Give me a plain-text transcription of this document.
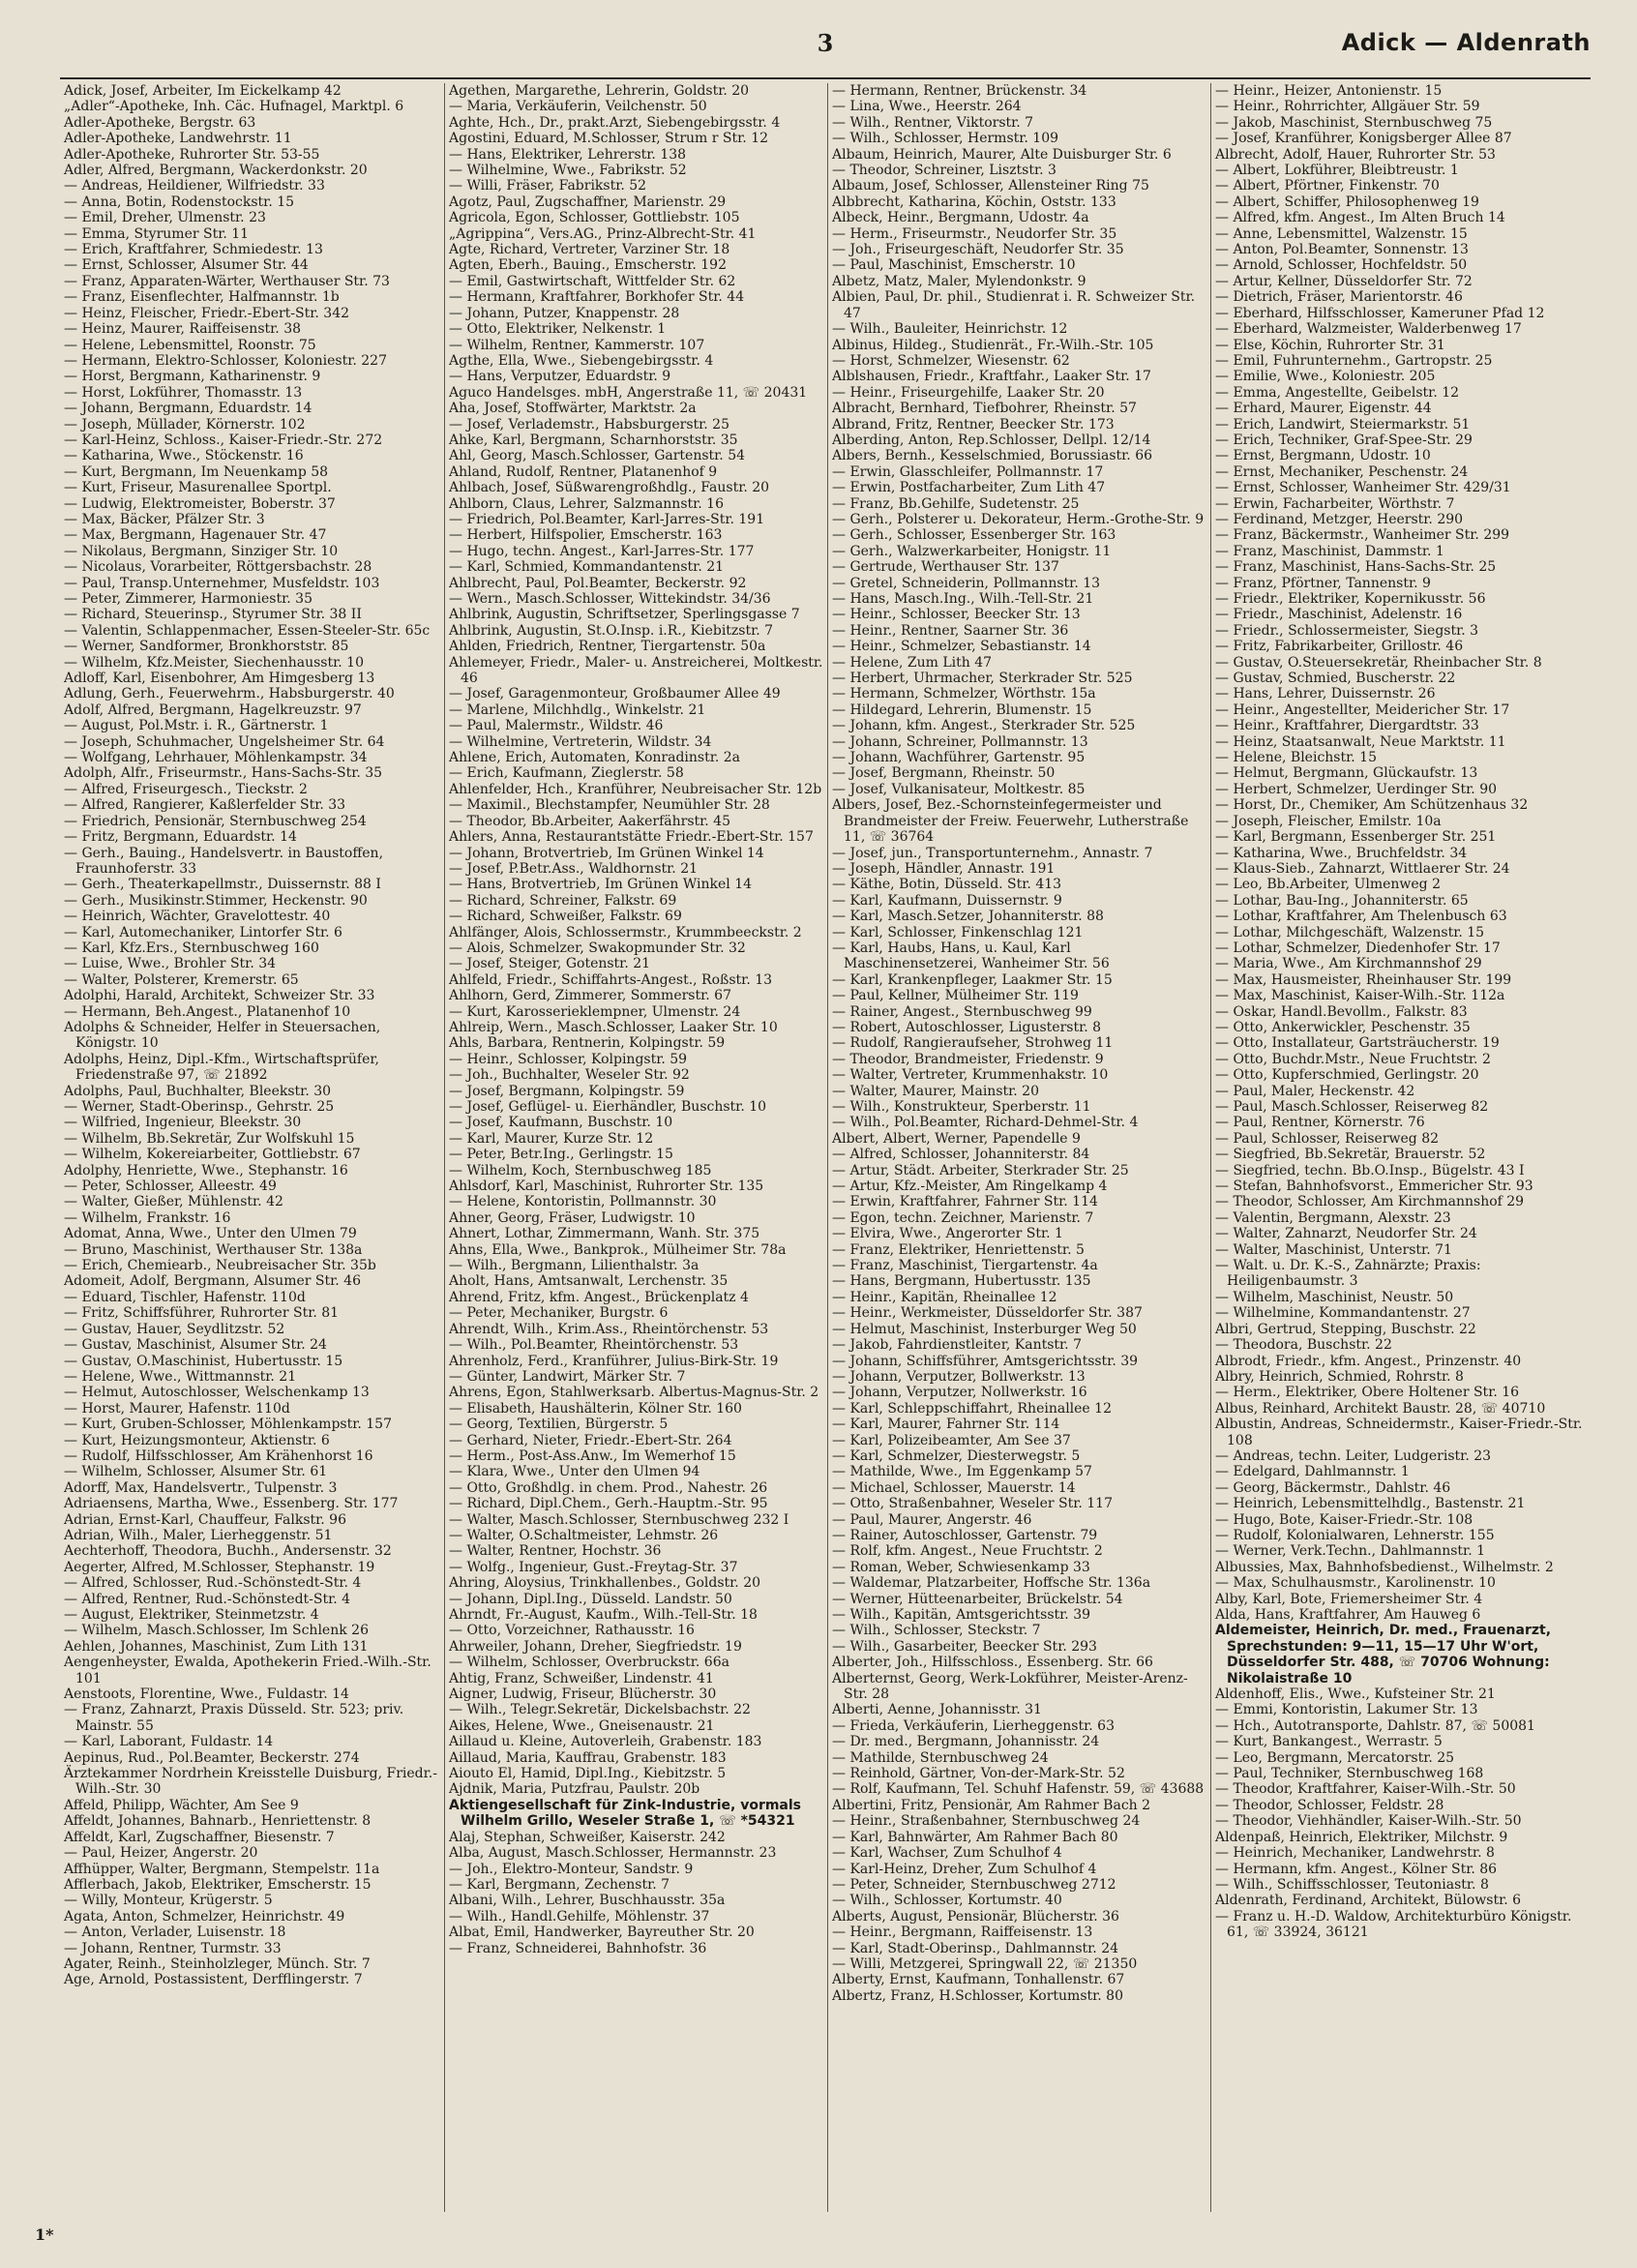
3	Adick — Aldenrath
Adick, Josef, Arbeiter, Im Eickelkamp 42
„Adler“-Apotheke, Inh. Cäc. Hufnagel, Marktpl. 6
Adler-Apotheke, Bergstr. 63
Adler-Apotheke, Landwehrstr. 11
Adler-Apotheke, Ruhrorter Str. 53-55
Adler, Alfred, Bergmann, Wackerdonkstr. 20
— Andreas, Heildiener, Wilfriedstr. 33
— Anna, Botin, Rodenstockstr. 15
— Emil, Dreher, Ulmenstr. 23
— Emma, Styrumer Str. 11
— Erich, Kraftfahrer, Schmiedestr. 13
— Ernst, Schlosser, Alsumer Str. 44
— Franz, Apparaten-Wärter, Werthauser Str. 73
— Franz, Eisenflechter, Halfmannstr. 1b
— Heinz, Fleischer, Friedr.-Ebert-Str. 342
— Heinz, Maurer, Raiffeisenstr. 38
— Helene, Lebensmittel, Roonstr. 75
— Hermann, Elektro-Schlosser, Koloniestr. 227
— Horst, Bergmann, Katharinenstr. 9
— Horst, Lokführer, Thomasstr. 13
— Johann, Bergmann, Eduardstr. 14
— Joseph, Müllader, Körnerstr. 102
— Karl-Heinz, Schloss., Kaiser-Friedr.-Str. 272
— Katharina, Wwe., Stöckenstr. 16
— Kurt, Bergmann, Im Neuenkamp 58
— Kurt, Friseur, Masurenallee Sportpl.
— Ludwig, Elektromeister, Boberstr. 37
— Max, Bäcker, Pfälzer Str. 3
— Max, Bergmann, Hagenauer Str. 47
— Nikolaus, Bergmann, Sinziger Str. 10
— Nicolaus, Vorarbeiter, Röttgersbachstr. 28
— Paul, Transp.Unternehmer, Musfeldstr. 103
— Peter, Zimmerer, Harmoniestr. 35
— Richard, Steuerinsp., Styrumer Str. 38 II
— Valentin, Schlappenmacher, Essen-Steeler-Str. 65c
— Werner, Sandformer, Bronkhorststr. 85
— Wilhelm, Kfz.Meister, Siechenhausstr. 10
Adloff, Karl, Eisenbohrer, Am Himgesberg 13
Adlung, Gerh., Feuerwehrm., Habsburgerstr. 40
Adolf, Alfred, Bergmann, Hagelkreuzstr. 97
— August, Pol.Mstr. i. R., Gärtnerstr. 1
— Joseph, Schuhmacher, Ungelsheimer Str. 64
— Wolfgang, Lehrhauer, Möhlenkampstr. 34
Adolph, Alfr., Friseurmstr., Hans-Sachs-Str. 35
— Alfred, Friseurgesch., Tieckstr. 2
— Alfred, Rangierer, Kaßlerfelder Str. 33
— Friedrich, Pensionär, Sternbuschweg 254
— Fritz, Bergmann, Eduardstr. 14
— Gerh., Bauing., Handelsvertr. in Baustoffen, Fraunhoferstr. 33
— Gerh., Theaterkapellmstr., Duissernstr. 88 I
— Gerh., Musikinstr.Stimmer, Heckenstr. 90
— Heinrich, Wächter, Gravelottestr. 40
— Karl, Automechaniker, Lintorfer Str. 6
— Karl, Kfz.Ers., Sternbuschweg 160
— Luise, Wwe., Brohler Str. 34
— Walter, Polsterer, Kremerstr. 65
Adolphi, Harald, Architekt, Schweizer Str. 33
— Hermann, Beh.Angest., Platanenhof 10
Adolphs & Schneider, Helfer in Steuersachen, Königstr. 10
Adolphs, Heinz, Dipl.-Kfm., Wirtschaftsprüfer, Friedenstraße 97, ☏ 21892
Adolphs, Paul, Buchhalter, Bleekstr. 30
— Werner, Stadt-Oberinsp., Gehrstr. 25
— Wilfried, Ingenieur, Bleekstr. 30
— Wilhelm, Bb.Sekretär, Zur Wolfskuhl 15
— Wilhelm, Kokereiarbeiter, Gottliebstr. 67
Adolphy, Henriette, Wwe., Stephanstr. 16
— Peter, Schlosser, Alleestr. 49
— Walter, Gießer, Mühlenstr. 42
— Wilhelm, Frankstr. 16
Adomat, Anna, Wwe., Unter den Ulmen 79
— Bruno, Maschinist, Werthauser Str. 138a
— Erich, Chemiearb., Neubreisacher Str. 35b
Adomeit, Adolf, Bergmann, Alsumer Str. 46
— Eduard, Tischler, Hafenstr. 110d
— Fritz, Schiffsführer, Ruhrorter Str. 81
— Gustav, Hauer, Seydlitzstr. 52
— Gustav, Maschinist, Alsumer Str. 24
— Gustav, O.Maschinist, Hubertusstr. 15
— Helene, Wwe., Wittmannstr. 21
— Helmut, Autoschlosser, Welschenkamp 13
— Horst, Maurer, Hafenstr. 110d
— Kurt, Gruben-Schlosser, Möhlenkampstr. 157
— Kurt, Heizungsmonteur, Aktienstr. 6
— Rudolf, Hilfsschlosser, Am Krähenhorst 16
— Wilhelm, Schlosser, Alsumer Str. 61
Adorff, Max, Handelsvertr., Tulpenstr. 3
Adriaensens, Martha, Wwe., Essenberg. Str. 177
Adrian, Ernst-Karl, Chauffeur, Falkstr. 96
Adrian, Wilh., Maler, Lierheggenstr. 51
Aechterhoff, Theodora, Buchh., Andersenstr. 32
Aegerter, Alfred, M.Schlosser, Stephanstr. 19
— Alfred, Schlosser, Rud.-Schönstedt-Str. 4
— Alfred, Rentner, Rud.-Schönstedt-Str. 4
— August, Elektriker, Steinmetzstr. 4
— Wilhelm, Masch.Schlosser, Im Schlenk 26
Aehlen, Johannes, Maschinist, Zum Lith 131
Aengenheyster, Ewalda, Apothekerin Fried.-Wilh.-Str. 101
Aenstoots, Florentine, Wwe., Fuldastr. 14
— Franz, Zahnarzt, Praxis Düsseld. Str. 523; priv. Mainstr. 55
— Karl, Laborant, Fuldastr. 14
Aepinus, Rud., Pol.Beamter, Beckerstr. 274
Ärztekammer Nordrhein Kreisstelle Duisburg, Friedr.-Wilh.-Str. 30
Affeld, Philipp, Wächter, Am See 9
Affeldt, Johannes, Bahnarb., Henriettenstr. 8
Affeldt, Karl, Zugschaffner, Biesenstr. 7
— Paul, Heizer, Angerstr. 20
Affhüpper, Walter, Bergmann, Stempelstr. 11a
Afflerbach, Jakob, Elektriker, Emscherstr. 15
— Willy, Monteur, Krügerstr. 5
Agata, Anton, Schmelzer, Heinrichstr. 49
— Anton, Verlader, Luisenstr. 18
— Johann, Rentner, Turmstr. 33
Agater, Reinh., Steinholzleger, Münch. Str. 7
Age, Arnold, Postassistent, Derfflingerstr. 7
Agethen, Margarethe, Lehrerin, Goldstr. 20
— Maria, Verkäuferin, Veilchenstr. 50
Aghte, Hch., Dr., prakt.Arzt, Siebengebirgsstr. 4
Agostini, Eduard, M.Schlosser, Strum r Str. 12
— Hans, Elektriker, Lehrerstr. 138
— Wilhelmine, Wwe., Fabrikstr. 52
— Willi, Fräser, Fabrikstr. 52
Agotz, Paul, Zugschaffner, Marienstr. 29
Agricola, Egon, Schlosser, Gottliebstr. 105
„Agrippina“, Vers.AG., Prinz-Albrecht-Str. 41
Agte, Richard, Vertreter, Varziner Str. 18
Agten, Eberh., Bauing., Emscherstr. 192
— Emil, Gastwirtschaft, Wittfelder Str. 62
— Hermann, Kraftfahrer, Borkhofer Str. 44
— Johann, Putzer, Knappenstr. 28
— Otto, Elektriker, Nelkenstr. 1
— Wilhelm, Rentner, Kammerstr. 107
Agthe, Ella, Wwe., Siebengebirgsstr. 4
— Hans, Verputzer, Eduardstr. 9
Aguco Handelsges. mbH, Angerstraße 11, ☏ 20431
Aha, Josef, Stoffwärter, Marktstr. 2a
— Josef, Verlademstr., Habsburgerstr. 25
Ahke, Karl, Bergmann, Scharnhorststr. 35
Ahl, Georg, Masch.Schlosser, Gartenstr. 54
Ahland, Rudolf, Rentner, Platanenhof 9
Ahlbach, Josef, Süßwarengroßhdlg., Faustr. 20
Ahlborn, Claus, Lehrer, Salzmannstr. 16
— Friedrich, Pol.Beamter, Karl-Jarres-Str. 191
— Herbert, Hilfspolier, Emscherstr. 163
— Hugo, techn. Angest., Karl-Jarres-Str. 177
— Karl, Schmied, Kommandantenstr. 21
Ahlbrecht, Paul, Pol.Beamter, Beckerstr. 92
— Wern., Masch.Schlosser, Wittekindstr. 34/36
Ahlbrink, Augustin, Schriftsetzer, Sperlingsgasse 7
Ahlbrink, Augustin, St.O.Insp. i.R., Kiebitzstr. 7
Ahlden, Friedrich, Rentner, Tiergartenstr. 50a
Ahlemeyer, Friedr., Maler- u. Anstreicherei, Moltkestr. 46
— Josef, Garagenmonteur, Großbaumer Allee 49
— Marlene, Milchhdlg., Winkelstr. 21
— Paul, Malermstr., Wildstr. 46
— Wilhelmine, Vertreterin, Wildstr. 34
Ahlene, Erich, Automaten, Konradinstr. 2a
— Erich, Kaufmann, Zieglerstr. 58
Ahlenfelder, Hch., Kranführer, Neubreisacher Str. 12b
— Maximil., Blechstampfer, Neumühler Str. 28
— Theodor, Bb.Arbeiter, Aakerfährstr. 45
Ahlers, Anna, Restaurantstätte Friedr.-Ebert-Str. 157
— Johann, Brotvertrieb, Im Grünen Winkel 14
— Josef, P.Betr.Ass., Waldhornstr. 21
— Hans, Brotvertrieb, Im Grünen Winkel 14
— Richard, Schreiner, Falkstr. 69
— Richard, Schweißer, Falkstr. 69
Ahlfänger, Alois, Schlossermstr., Krummbeeckstr. 2
— Alois, Schmelzer, Swakopmunder Str. 32
— Josef, Steiger, Gotenstr. 21
Ahlfeld, Friedr., Schiffahrts-Angest., Roßstr. 13
Ahlhorn, Gerd, Zimmerer, Sommerstr. 67
— Kurt, Karosseriеklempner, Ulmenstr. 24
Ahlreip, Wern., Masch.Schlosser, Laaker Str. 10
Ahls, Barbara, Rentnerin, Kolpingstr. 59
— Heinr., Schlosser, Kolpingstr. 59
— Joh., Buchhalter, Weseler Str. 92
— Josef, Bergmann, Kolpingstr. 59
— Josef, Geflügel- u. Eierhändler, Buschstr. 10
— Josef, Kaufmann, Buschstr. 10
— Karl, Maurer, Kurze Str. 12
— Peter, Betr.Ing., Gerlingstr. 15
— Wilhelm, Koch, Sternbuschweg 185
Ahlsdorf, Karl, Maschinist, Ruhrorter Str. 135
— Helene, Kontoristin, Pollmannstr. 30
Ahner, Georg, Fräser, Ludwigstr. 10
Ahnert, Lothar, Zimmermann, Wanh. Str. 375
Ahns, Ella, Wwe., Bankprok., Mülheimer Str. 78a
— Wilh., Bergmann, Lilienthalstr. 3a
Aholt, Hans, Amtsanwalt, Lerchenstr. 35
Ahrend, Fritz, kfm. Angest., Brückenplatz 4
— Peter, Mechaniker, Burgstr. 6
Ahrendt, Wilh., Krim.Ass., Rheintörchenstr. 53
— Wilh., Pol.Beamter, Rheintörchenstr. 53
Ahrenholz, Ferd., Kranführer, Julius-Birk-Str. 19
— Günter, Landwirt, Märker Str. 7
Ahrens, Egon, Stahlwerksarb. Albertus-Magnus-Str. 2
— Elisabeth, Haushälterin, Kölner Str. 160
— Georg, Textilien, Bürgerstr. 5
— Gerhard, Nieter, Friedr.-Ebert-Str. 264
— Herm., Post-Ass.Anw., Im Wemerhof 15
— Klara, Wwe., Unter den Ulmen 94
— Otto, Großhdlg. in chem. Prod., Nahestr. 26
— Richard, Dipl.Chem., Gerh.-Hauptm.-Str. 95
— Walter, Masch.Schlosser, Sternbuschweg 232 I
— Walter, O.Schaltmeister, Lehmstr. 26
— Walter, Rentner, Hochstr. 36
— Wolfg., Ingenieur, Gust.-Freytag-Str. 37
Ahring, Aloysius, Trinkhallenbes., Goldstr. 20
— Johann, Dipl.Ing., Düsseld. Landstr. 50
Ahrndt, Fr.-August, Kaufm., Wilh.-Tell-Str. 18
— Otto, Vorzeichner, Rathausstr. 16
Ahrweiler, Johann, Dreher, Siegfriedstr. 19
— Wilhelm, Schlosser, Overbruckstr. 66a
Ahtig, Franz, Schweißer, Lindenstr. 41
Aigner, Ludwig, Friseur, Blücherstr. 30
— Wilh., Telegr.Sekretär, Dickelsbachstr. 22
Aikes, Helene, Wwe., Gneisenaustr. 21
Aillaud u. Kleine, Autoverleih, Grabenstr. 183
Aillaud, Maria, Kauffrau, Grabenstr. 183
Aiouto El, Hamid, Dipl.Ing., Kiebitzstr. 5
Ajdnik, Maria, Putzfrau, Paulstr. 20b
Aktiengesellschaft für Zink-Industrie, vormals Wilhelm Grillo, Weseler Straße 1, ☏ *54321
Alaj, Stephan, Schweißer, Kaiserstr. 242
Alba, August, Masch.Schlosser, Hermannstr. 23
— Joh., Elektro-Monteur, Sandstr. 9
— Karl, Bergmann, Zechenstr. 7
Albani, Wilh., Lehrer, Buschhausstr. 35a
— Wilh., Handl.Gehilfe, Möhlenstr. 37
Albat, Emil, Handwerker, Bayreuther Str. 20
— Franz, Schneiderei, Bahnhofstr. 36
— Hermann, Rentner, Brückenstr. 34
— Lina, Wwe., Heerstr. 264
— Wilh., Rentner, Viktorstr. 7
— Wilh., Schlosser, Hermstr. 109
Albaum, Heinrich, Maurer, Alte Duisburger Str. 6
— Theodor, Schreiner, Lisztstr. 3
Albaum, Josef, Schlosser, Allensteiner Ring 75
Albbrecht, Katharina, Köchin, Oststr. 133
Albeck, Heinr., Bergmann, Udostr. 4a
— Herm., Friseurmstr., Neudorfer Str. 35
— Joh., Friseurgeschäft, Neudorfer Str. 35
— Paul, Maschinist, Emscherstr. 10
Albetz, Matz, Maler, Mylendonkstr. 9
Albien, Paul, Dr. phil., Studienrat i. R. Schweizer Str. 47
— Wilh., Bauleiter, Heinrichstr. 12
Albinus, Hildeg., Studienrät., Fr.-Wilh.-Str. 105
— Horst, Schmelzer, Wiesenstr. 62
Alblshausen, Friedr., Kraftfahr., Laaker Str. 17
— Heinr., Friseurgehilfe, Laaker Str. 20
Albracht, Bernhard, Tiefbohrer, Rheinstr. 57
Albrand, Fritz, Rentner, Beecker Str. 173
Alberding, Anton, Rep.Schlosser, Dellpl. 12/14
Albers, Bernh., Kesselschmied, Borussiastr. 66
— Erwin, Glasschleifer, Pollmannstr. 17
— Erwin, Postfacharbeiter, Zum Lith 47
— Franz, Bb.Gehilfe, Sudetenstr. 25
— Gerh., Polsterer u. Dekorateur, Herm.-Grothe-Str. 9
— Gerh., Schlosser, Essenberger Str. 163
— Gerh., Walzwerkarbeiter, Honigstr. 11
— Gertrude, Werthauser Str. 137
— Gretel, Schneiderin, Pollmannstr. 13
— Hans, Masch.Ing., Wilh.-Tell-Str. 21
— Heinr., Schlosser, Beecker Str. 13
— Heinr., Rentner, Saarner Str. 36
— Heinr., Schmelzer, Sebastianstr. 14
— Helene, Zum Lith 47
— Herbert, Uhrmacher, Sterkrader Str. 525
— Hermann, Schmelzer, Wörthstr. 15a
— Hildegard, Lehrerin, Blumenstr. 15
— Johann, kfm. Angest., Sterkrader Str. 525
— Johann, Schreiner, Pollmannstr. 13
— Johann, Wachführer, Gartenstr. 95
— Josef, Bergmann, Rheinstr. 50
— Josef, Vulkanisateur, Moltkestr. 85
Albers, Josef, Bez.-Schornsteinfegermeister und Brandmeister der Freiw. Feuerwehr, Lutherstraße 11, ☏ 36764
— Josef, jun., Transportunternehm., Annastr. 7
— Joseph, Händler, Annastr. 191
— Käthe, Botin, Düsseld. Str. 413
— Karl, Kaufmann, Duissernstr. 9
— Karl, Masch.Setzer, Johanniterstr. 88
— Karl, Schlosser, Finkenschlag 121
— Karl, Haubs, Hans, u. Kaul, Karl Maschinensetzerei, Wanheimer Str. 56
— Karl, Krankenpfleger, Laakmer Str. 15
— Paul, Kellner, Mülheimer Str. 119
— Rainer, Angest., Sternbuschweg 99
— Robert, Autoschlosser, Ligusterstr. 8
— Rudolf, Rangieraufseher, Strohweg 11
— Theodor, Brandmeister, Friedenstr. 9
— Walter, Vertreter, Krummenhakstr. 10
— Walter, Maurer, Mainstr. 20
— Wilh., Konstrukteur, Sperberstr. 11
— Wilh., Pol.Beamter, Richard-Dehmel-Str. 4
Albert, Albert, Werner, Papendelle 9
— Alfred, Schlosser, Johanniterstr. 84
— Artur, Städt. Arbeiter, Sterkrader Str. 25
— Artur, Kfz.-Meister, Am Ringelkamp 4
— Erwin, Kraftfahrer, Fahrner Str. 114
— Egon, techn. Zeichner, Marienstr. 7
— Elvira, Wwe., Angerorter Str. 1
— Franz, Elektriker, Henriettenstr. 5
— Franz, Maschinist, Tiergartenstr. 4a
— Hans, Bergmann, Hubertusstr. 135
— Heinr., Kapitän, Rheinallee 12
— Heinr., Werkmeister, Düsseldorfer Str. 387
— Helmut, Maschinist, Insterburger Weg 50
— Jakob, Fahrdienstleiter, Kantstr. 7
— Johann, Schiffsführer, Amtsgerichtsstr. 39
— Johann, Verputzer, Bollwerkstr. 13
— Johann, Verputzer, Nollwerkstr. 16
— Karl, Schleppschiffahrt, Rheinallee 12
— Karl, Maurer, Fahrner Str. 114
— Karl, Polizeibeamter, Am See 37
— Karl, Schmelzer, Diesterwegstr. 5
— Mathilde, Wwe., Im Eggenkamp 57
— Michael, Schlosser, Mauerstr. 14
— Otto, Straßenbahner, Weseler Str. 117
— Paul, Maurer, Angerstr. 46
— Rainer, Autoschlosser, Gartenstr. 79
— Rolf, kfm. Angest., Neue Fruchtstr. 2
— Roman, Weber, Schwiesenkamp 33
— Waldemar, Platzarbeiter, Hoffsche Str. 136a
— Werner, Hütteenarbeiter, Brückelstr. 54
— Wilh., Kapitän, Amtsgerichtsstr. 39
— Wilh., Schlosser, Steckstr. 7
— Wilh., Gasarbeiter, Beecker Str. 293
Alberter, Joh., Hilfsschloss., Essenberg. Str. 66
Alberternst, Georg, Werk-Lokführer, Meister-Arenz-Str. 28
Alberti, Aenne, Johannisstr. 31
— Frieda, Verkäuferin, Lierheggenstr. 63
— Dr. med., Bergmann, Johannisstr. 24
— Mathilde, Sternbuschweg 24
— Reinhold, Gärtner, Von-der-Mark-Str. 52
— Rolf, Kaufmann, Tel. Schuhf Hafenstr. 59, ☏ 43688
Albertini, Fritz, Pensionär, Am Rahmer Bach 2
— Heinr., Straßenbahner, Sternbuschweg 24
— Karl, Bahnwärter, Am Rahmer Bach 80
— Karl, Wachser, Zum Schulhof 4
— Karl-Heinz, Dreher, Zum Schulhof 4
— Peter, Schneider, Sternbuschweg 2712
— Wilh., Schlosser, Kortumstr. 40
Alberts, August, Pensionär, Blücherstr. 36
— Heinr., Bergmann, Raiffeisenstr. 13
— Karl, Stadt-Oberinsp., Dahlmannstr. 24
— Willi, Metzgerei, Springwall 22, ☏ 21350
Alberty, Ernst, Kaufmann, Tonhallenstr. 67
Albertz, Franz, H.Schlosser, Kortumstr. 80
— Heinr., Heizer, Antonienstr. 15
— Heinr., Rohrrichter, Allgäuer Str. 59
— Jakob, Maschinist, Sternbuschweg 75
— Josef, Kranführer, Konigsberger Allee 87
Albrecht, Adolf, Hauer, Ruhrorter Str. 53
— Albert, Lokführer, Bleibtreustr. 1
— Albert, Pförtner, Finkenstr. 70
— Albert, Schiffer, Philosophenweg 19
— Alfred, kfm. Angest., Im Alten Bruch 14
— Anne, Lebensmittel, Walzenstr. 15
— Anton, Pol.Beamter, Sonnenstr. 13
— Arnold, Schlosser, Hochfeldstr. 50
— Artur, Kellner, Düsseldorfer Str. 72
— Dietrich, Fräser, Marientorstr. 46
— Eberhard, Hilfsschlosser, Kameruner Pfad 12
— Eberhard, Walzmeister, Walderbenweg 17
— Else, Köchin, Ruhrorter Str. 31
— Emil, Fuhrunternehm., Gartropstr. 25
— Emilie, Wwe., Koloniestr. 205
— Emma, Angestellte, Geibelstr. 12
— Erhard, Maurer, Eigenstr. 44
— Erich, Landwirt, Steiermarkstr. 51
— Erich, Techniker, Graf-Spee-Str. 29
— Ernst, Bergmann, Udostr. 10
— Ernst, Mechaniker, Peschenstr. 24
— Ernst, Schlosser, Wanheimer Str. 429/31
— Erwin, Facharbeiter, Wörthstr. 7
— Ferdinand, Metzger, Heerstr. 290
— Franz, Bäckermstr., Wanheimer Str. 299
— Franz, Maschinist, Dammstr. 1
— Franz, Maschinist, Hans-Sachs-Str. 25
— Franz, Pförtner, Tannenstr. 9
— Friedr., Elektriker, Kopernikusstr. 56
— Friedr., Maschinist, Adelenstr. 16
— Friedr., Schlossermeister, Siegstr. 3
— Fritz, Fabrikarbeiter, Grillostr. 46
— Gustav, O.Steuersekretär, Rheinbacher Str. 8
— Gustav, Schmied, Buscherstr. 22
— Hans, Lehrer, Duissernstr. 26
— Heinr., Angestellter, Meidericher Str. 17
— Heinr., Kraftfahrer, Diergardtstr. 33
— Heinz, Staatsanwalt, Neue Marktstr. 11
— Helene, Bleichstr. 15
— Helmut, Bergmann, Glückaufstr. 13
— Herbert, Schmelzer, Uerdinger Str. 90
— Horst, Dr., Chemiker, Am Schützenhaus 32
— Joseph, Fleischer, Emilstr. 10a
— Karl, Bergmann, Essenberger Str. 251
— Katharina, Wwe., Bruchfeldstr. 34
— Klaus-Sieb., Zahnarzt, Wittlaerer Str. 24
— Leo, Bb.Arbeiter, Ulmenweg 2
— Lothar, Bau-Ing., Johanniterstr. 65
— Lothar, Kraftfahrer, Am Thelenbusch 63
— Lothar, Milchgeschäft, Walzenstr. 15
— Lothar, Schmelzer, Diedenhofer Str. 17
— Maria, Wwe., Am Kirchmannshof 29
— Max, Hausmeister, Rheinhauser Str. 199
— Max, Maschinist, Kaiser-Wilh.-Str. 112a
— Oskar, Handl.Bevollm., Falkstr. 83
— Otto, Ankerwickler, Peschenstr. 35
— Otto, Installateur, Gartsträucherstr. 19
— Otto, Buchdr.Mstr., Neue Fruchtstr. 2
— Otto, Kupferschmied, Gerlingstr. 20
— Paul, Maler, Heckenstr. 42
— Paul, Masch.Schlosser, Reiserweg 82
— Paul, Rentner, Körnerstr. 76
— Paul, Schlosser, Reiserweg 82
— Siegfried, Bb.Sekretär, Brauerstr. 52
— Siegfried, techn. Bb.O.Insp., Bügelstr. 43 I
— Stefan, Bahnhofsvorst., Emmericher Str. 93
— Theodor, Schlosser, Am Kirchmannshof 29
— Valentin, Bergmann, Alexstr. 23
— Walter, Zahnarzt, Neudorfer Str. 24
— Walter, Maschinist, Unterstr. 71
— Walt. u. Dr. K.-S., Zahnärzte; Praxis: Heiligenbaumstr. 3
— Wilhelm, Maschinist, Neustr. 50
— Wilhelmine, Kommandantenstr. 27
Albri, Gertrud, Stepping, Buschstr. 22
— Theodora, Buschstr. 22
Albrodt, Friedr., kfm. Angest., Prinzenstr. 40
Albry, Heinrich, Schmied, Rohrstr. 8
— Herm., Elektriker, Obere Holtener Str. 16
Albus, Reinhard, Architekt Baustr. 28, ☏ 40710
Albustin, Andreas, Schneidermstr., Kaiser-Friedr.-Str. 108
— Andreas, techn. Leiter, Ludgeristr. 23
— Edelgard, Dahlmannstr. 1
— Georg, Bäckermstr., Dahlstr. 46
— Heinrich, Lebensmittelhdlg., Bastenstr. 21
— Hugo, Bote, Kaiser-Friedr.-Str. 108
— Rudolf, Kolonialwaren, Lehnerstr. 155
— Werner, Verk.Techn., Dahlmannstr. 1
Albussies, Max, Bahnhofsbedienst., Wilhelmstr. 2
— Max, Schulhausmstr., Karolinenstr. 10
Alby, Karl, Bote, Friemersheimer Str. 4
Alda, Hans, Kraftfahrer, Am Hauweg 6
Aldemeister, Heinrich, Dr. med., Frauenarzt, Sprechstunden: 9—11, 15—17 Uhr W'ort, Düsseldorfer Str. 488, ☏ 70706 Wohnung: Nikolaistraße 10
Aldenhoff, Elis., Wwe., Kufsteiner Str. 21
— Emmi, Kontoristin, Lakumer Str. 13
— Hch., Autotransporte, Dahlstr. 87, ☏ 50081
— Kurt, Bankangest., Werrastr. 5
— Leo, Bergmann, Mercatorstr. 25
— Paul, Techniker, Sternbuschweg 168
— Theodor, Kraftfahrer, Kaiser-Wilh.-Str. 50
— Theodor, Schlosser, Feldstr. 28
— Theodor, Viehhändler, Kaiser-Wilh.-Str. 50
Aldenpaß, Heinrich, Elektriker, Milchstr. 9
— Heinrich, Mechaniker, Landwehrstr. 8
— Hermann, kfm. Angest., Kölner Str. 86
— Wilh., Schiffsschlosser, Teutoniastr. 8
Aldenrath, Ferdinand, Architekt, Bülowstr. 6
— Franz u. H.-D. Waldow, Architekturbüro Königstr. 61, ☏ 33924, 36121
1*
